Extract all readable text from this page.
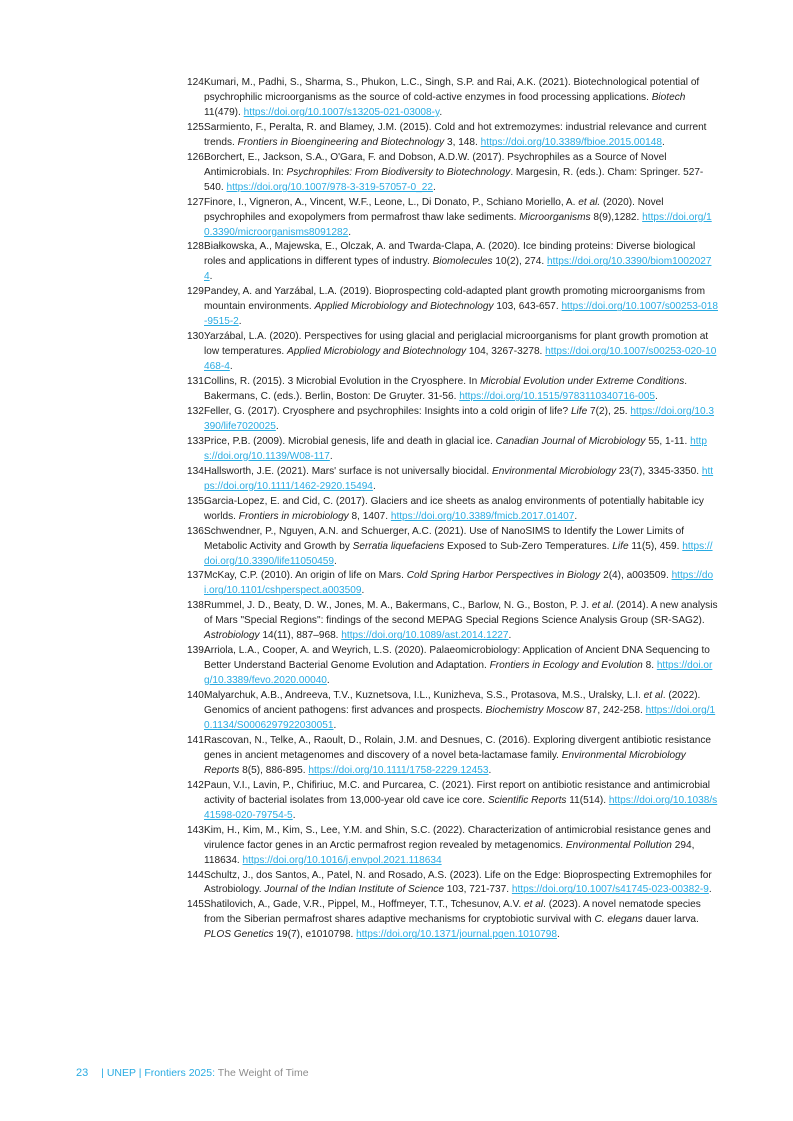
124.
Kumari, M., Padhi, S., Sharma, S., Phukon, L.C., Singh, S.P. and Rai, A.K. (2021). Biotechnological potential of psychrophilic microorganisms as the source of cold-active enzymes in food processing applications. Biotech 11(479). https://doi.org/10.1007/s13205-021-03008-y.
125.
Sarmiento, F., Peralta, R. and Blamey, J.M. (2015). Cold and hot extremozymes: industrial relevance and current trends. Frontiers in Bioengineering and Biotechnology 3, 148. https://doi.org/10.3389/fbioe.2015.00148.
126.
Borchert, E., Jackson, S.A., O'Gara, F. and Dobson, A.D.W. (2017). Psychrophiles as a Source of Novel Antimicrobials. In: Psychrophiles: From Biodiversity to Biotechnology. Margesin, R. (eds.). Cham: Springer. 527-540. https://doi.org/10.1007/978-3-319-57057-0_22.
127.
Finore, I., Vigneron, A., Vincent, W.F., Leone, L., Di Donato, P., Schiano Moriello, A. et al. (2020). Novel psychrophiles and exopolymers from permafrost thaw lake sediments. Microorganisms 8(9),1282. https://doi.org/10.3390/microorganisms8091282.
128.
Białkowska, A., Majewska, E., Olczak, A. and Twarda-Clapa, A. (2020). Ice binding proteins: Diverse biological roles and applications in different types of industry. Biomolecules 10(2), 274. https://doi.org/10.3390/biom10020274.
129.
Pandey, A. and Yarzábal, L.A. (2019). Bioprospecting cold-adapted plant growth promoting microorganisms from mountain environments. Applied Microbiology and Biotechnology 103, 643-657. https://doi.org/10.1007/s00253-018-9515-2.
130.
Yarzábal, L.A. (2020). Perspectives for using glacial and periglacial microorganisms for plant growth promotion at low temperatures. Applied Microbiology and Biotechnology 104, 3267-3278. https://doi.org/10.1007/s00253-020-10468-4.
131.
Collins, R. (2015). 3 Microbial Evolution in the Cryosphere. In Microbial Evolution under Extreme Conditions. Bakermans, C. (eds.). Berlin, Boston: De Gruyter. 31-56. https://doi.org/10.1515/9783110340716-005.
132.
Feller, G. (2017). Cryosphere and psychrophiles: Insights into a cold origin of life? Life 7(2), 25. https://doi.org/10.3390/life7020025.
133.
Price, P.B. (2009). Microbial genesis, life and death in glacial ice. Canadian Journal of Microbiology 55, 1-11. https://doi.org/10.1139/W08-117.
134.
Hallsworth, J.E. (2021). Mars' surface is not universally biocidal. Environmental Microbiology 23(7), 3345-3350. https://doi.org/10.1111/1462-2920.15494.
135.
Garcia-Lopez, E. and Cid, C. (2017). Glaciers and ice sheets as analog environments of potentially habitable icy worlds. Frontiers in microbiology 8, 1407. https://doi.org/10.3389/fmicb.2017.01407.
136.
Schwendner, P., Nguyen, A.N. and Schuerger, A.C. (2021). Use of NanoSIMS to Identify the Lower Limits of Metabolic Activity and Growth by Serratia liquefaciens Exposed to Sub-Zero Temperatures. Life 11(5), 459. https://doi.org/10.3390/life11050459.
137.
McKay, C.P. (2010). An origin of life on Mars. Cold Spring Harbor Perspectives in Biology 2(4), a003509. https://doi.org/10.1101/cshperspect.a003509.
138.
Rummel, J. D., Beaty, D. W., Jones, M. A., Bakermans, C., Barlow, N. G., Boston, P. J. et al. (2014). A new analysis of Mars "Special Regions": findings of the second MEPAG Special Regions Science Analysis Group (SR-SAG2). Astrobiology 14(11), 887–968. https://doi.org/10.1089/ast.2014.1227.
139.
Arriola, L.A., Cooper, A. and Weyrich, L.S. (2020). Palaeomicrobiology: Application of Ancient DNA Sequencing to Better Understand Bacterial Genome Evolution and Adaptation. Frontiers in Ecology and Evolution 8. https://doi.org/10.3389/fevo.2020.00040.
140.
Malyarchuk, A.B., Andreeva, T.V., Kuznetsova, I.L., Kunizheva, S.S., Protasova, M.S., Uralsky, L.I. et al. (2022). Genomics of ancient pathogens: first advances and prospects. Biochemistry Moscow 87, 242-258. https://doi.org/10.1134/S0006297922030051.
141.
Rascovan, N., Telke, A., Raoult, D., Rolain, J.M. and Desnues, C. (2016). Exploring divergent antibiotic resistance genes in ancient metagenomes and discovery of a novel beta-lactamase family. Environmental Microbiology Reports 8(5), 886-895. https://doi.org/10.1111/1758-2229.12453.
142.
Paun, V.I., Lavin, P., Chifiriuc, M.C. and Purcarea, C. (2021). First report on antibiotic resistance and antimicrobial activity of bacterial isolates from 13,000-year old cave ice core. Scientific Reports 11(514). https://doi.org/10.1038/s41598-020-79754-5.
143.
Kim, H., Kim, M., Kim, S., Lee, Y.M. and Shin, S.C. (2022). Characterization of antimicrobial resistance genes and virulence factor genes in an Arctic permafrost region revealed by metagenomics. Environmental Pollution 294, 118634. https://doi.org/10.1016/j.envpol.2021.118634
144.
Schultz, J., dos Santos, A., Patel, N. and Rosado, A.S. (2023). Life on the Edge: Bioprospecting Extremophiles for Astrobiology. Journal of the Indian Institute of Science 103, 721-737. https://doi.org/10.1007/s41745-023-00382-9.
145.
Shatilovich, A., Gade, V.R., Pippel, M., Hoffmeyer, T.T., Tchesunov, A.V. et al. (2023). A novel nematode species from the Siberian permafrost shares adaptive mechanisms for cryptobiotic survival with C. elegans dauer larva. PLOS Genetics 19(7), e1010798. https://doi.org/10.1371/journal.pgen.1010798.
23 | UNEP | Frontiers 2025: The Weight of Time
